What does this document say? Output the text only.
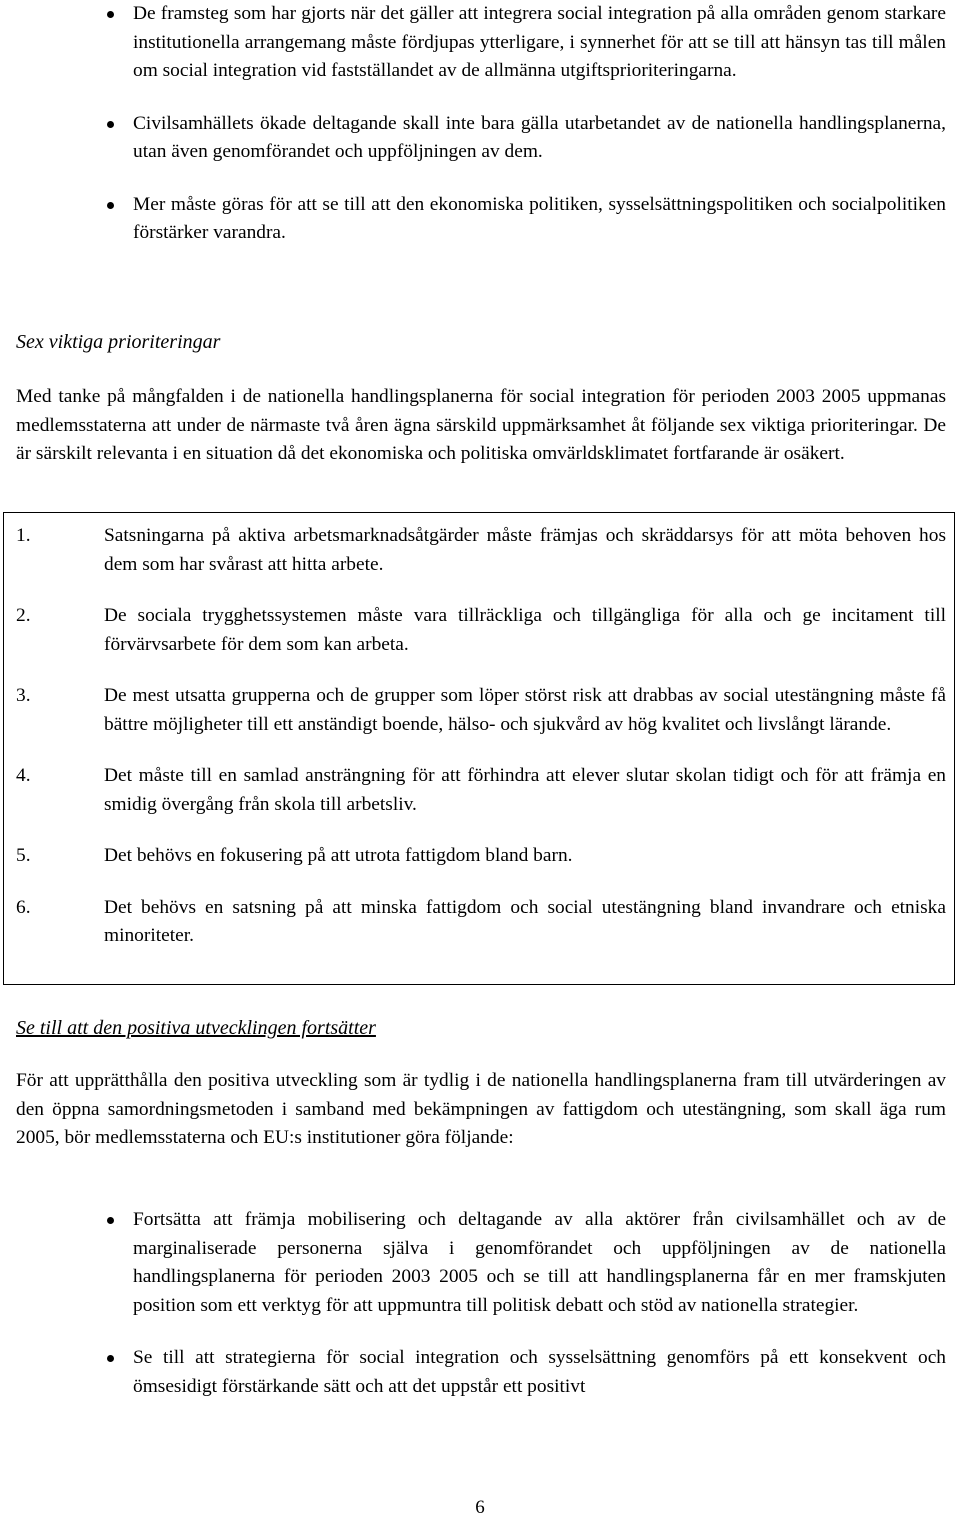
De framsteg som har gjorts när det gäller att integrera social integration på alla områden genom starkare institutionella arrangemang måste fördjupas ytterligare, i synnerhet för att se till att hänsyn tas till målen om social integration vid fastställandet av de allmänna utgiftsprioriteringarna.
Civilsamhällets ökade deltagande skall inte bara gälla utarbetandet av de nationella handlingsplanerna, utan även genomförandet och uppföljningen av dem.
Mer måste göras för att se till att den ekonomiska politiken, sysselsättningspolitiken och socialpolitiken förstärker varandra.
Sex viktiga prioriteringar

Med tanke på mångfalden i de nationella handlingsplanerna för social integration för perioden 2003 2005 uppmanas medlemsstaterna att under de närmaste två åren ägna särskild uppmärksamhet åt följande sex viktiga prioriteringar. De är särskilt relevanta i en situation då det ekonomiska och politiska omvärldsklimatet fortfarande är osäkert.

1.	Satsningarna på aktiva arbetsmarknadsåtgärder måste främjas och skräddarsys för att möta behoven hos dem som har svårast att hitta arbete.
2.	De sociala trygghetssystemen måste vara tillräckliga och tillgängliga för alla och ge incitament till förvärvsarbete för dem som kan arbeta.
3.	De mest utsatta grupperna och de grupper som löper störst risk att drabbas av social utestängning måste få bättre möjligheter till ett anständigt boende, hälso- och sjukvård av hög kvalitet och livslångt lärande.
4.	Det måste till en samlad ansträngning för att förhindra att elever slutar skolan tidigt och för att främja en smidig övergång från skola till arbetsliv.
5.	Det behövs en fokusering på att utrota fattigdom bland barn.
6.	Det behövs en satsning på att minska fattigdom och social utestängning bland invandrare och etniska minoriteter.
Se till att den positiva utvecklingen fortsätter

För att upprätthålla den positiva utveckling som är tydlig i de nationella handlingsplanerna fram till utvärderingen av den öppna samordningsmetoden i samband med bekämpningen av fattigdom och utestängning, som skall äga rum 2005, bör medlemsstaterna och EU:s institutioner göra följande:

Fortsätta att främja mobilisering och deltagande av alla aktörer från civilsamhället och av de marginaliserade personerna själva i genomförandet och uppföljningen av de nationella handlingsplanerna för perioden 2003 2005 och se till att handlingsplanerna får en mer framskjuten position som ett verktyg för att uppmuntra till politisk debatt och stöd av nationella strategier.
Se till att strategierna för social integration och sysselsättning genomförs på ett konsekvent och ömsesidigt förstärkande sätt och att det uppstår ett positivt
6
